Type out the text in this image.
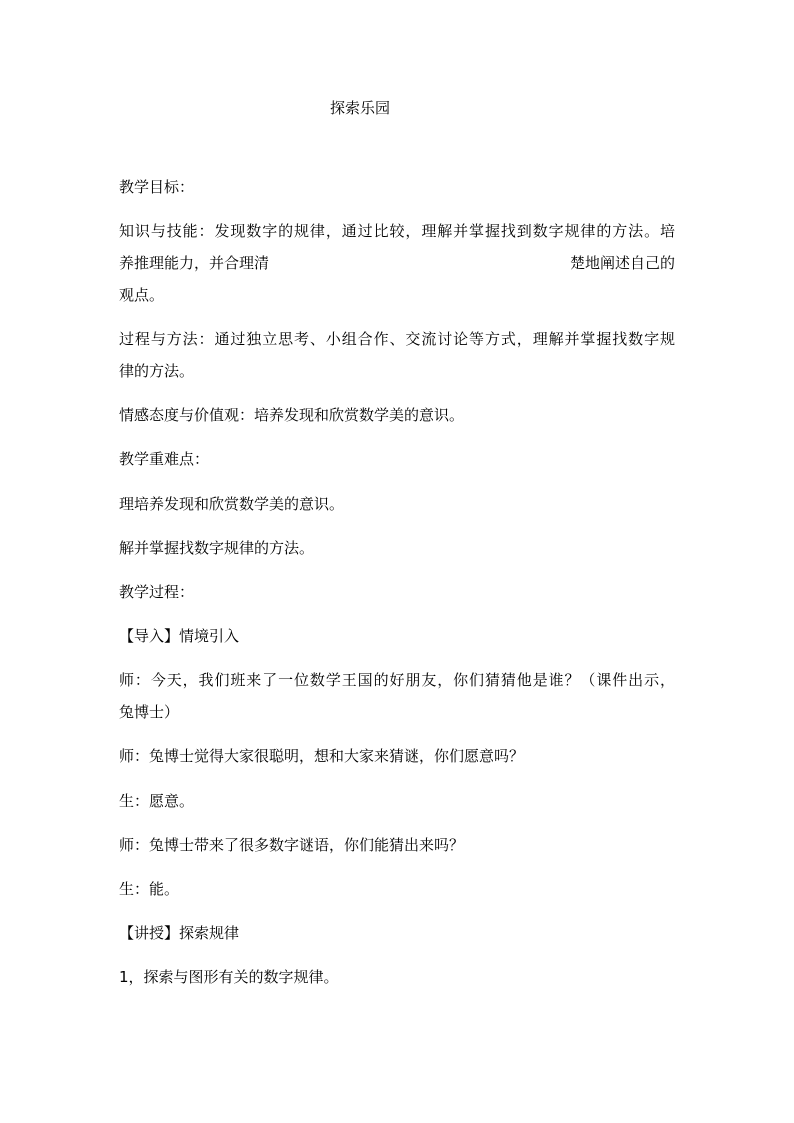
探索乐园
教学目标：
知识与技能：发现数字的规律，通过比较，理解并掌握找到数字规律的方法。培
养推理能力，并合理清	楚地阐述自己的
观点。
过程与方法：通过独立思考、小组合作、交流讨论等方式，理解并掌握找数字规
律的方法。
情感态度与价值观：培养发现和欣赏数学美的意识。
教学重难点：
理培养发现和欣赏数学美的意识。
解并掌握找数字规律的方法。
教学过程：
【导入】情境引入
师：今天，我们班来了一位数学王国的好朋友，你们猜猜他是谁？（课件出示，
兔博士）
师：兔博士觉得大家很聪明，想和大家来猜谜，你们愿意吗？
生：愿意。
师：兔博士带来了很多数字谜语，你们能猜出来吗？
生：能。
【讲授】探索规律
1，探索与图形有关的数字规律。
